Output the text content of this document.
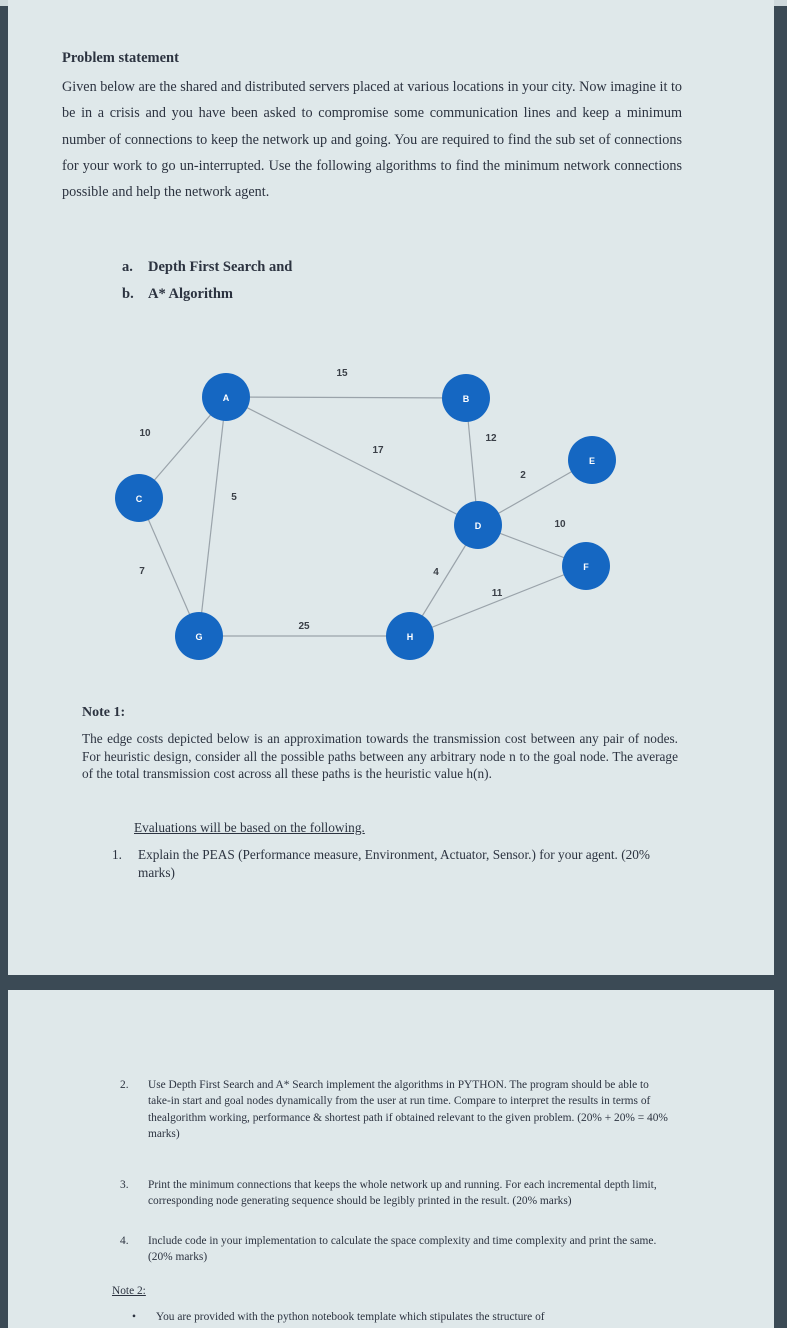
Problem statement
Given below are the shared and distributed servers placed at various locations in your city. Now imagine it to be in a crisis and you have been asked to compromise some communication lines and keep a minimum number of connections to keep the network up and going. You are required to find the sub set of connections for your work to go un-interrupted. Use the following algorithms to find the minimum network connections possible and help the network agent.
a. Depth First Search and
b. A* Algorithm
15
10
17
5
12
7
2
10
4
11
25
A	B
C
D
E
F
G	H
Note 1:
The edge costs depicted below is an approximation towards the transmission cost between any pair of nodes. For heuristic design, consider all the possible paths between any arbitrary node n to the goal node. The average of the total transmission cost across all these paths is the heuristic value h(n).
Evaluations will be based on the following.
1. Explain the PEAS (Performance measure, Environment, Actuator, Sensor.) for your agent. (20% marks)
2. Use Depth First Search and A* Search implement the algorithms in PYTHON. The program should be able to take-in start and goal nodes dynamically from the user at run time. Compare to interpret the results in terms of thealgorithm working, performance & shortest path if obtained relevant to the given problem. (20% + 20% = 40% marks)
3. Print the minimum connections that keeps the whole network up and running. For each incremental depth limit, corresponding node generating sequence should be legibly printed in the result. (20% marks)
4. Include code in your implementation to calculate the space complexity and time complexity and print the same. (20% marks)
Note 2:
• You are provided with the python notebook template which stipulates the structure of
